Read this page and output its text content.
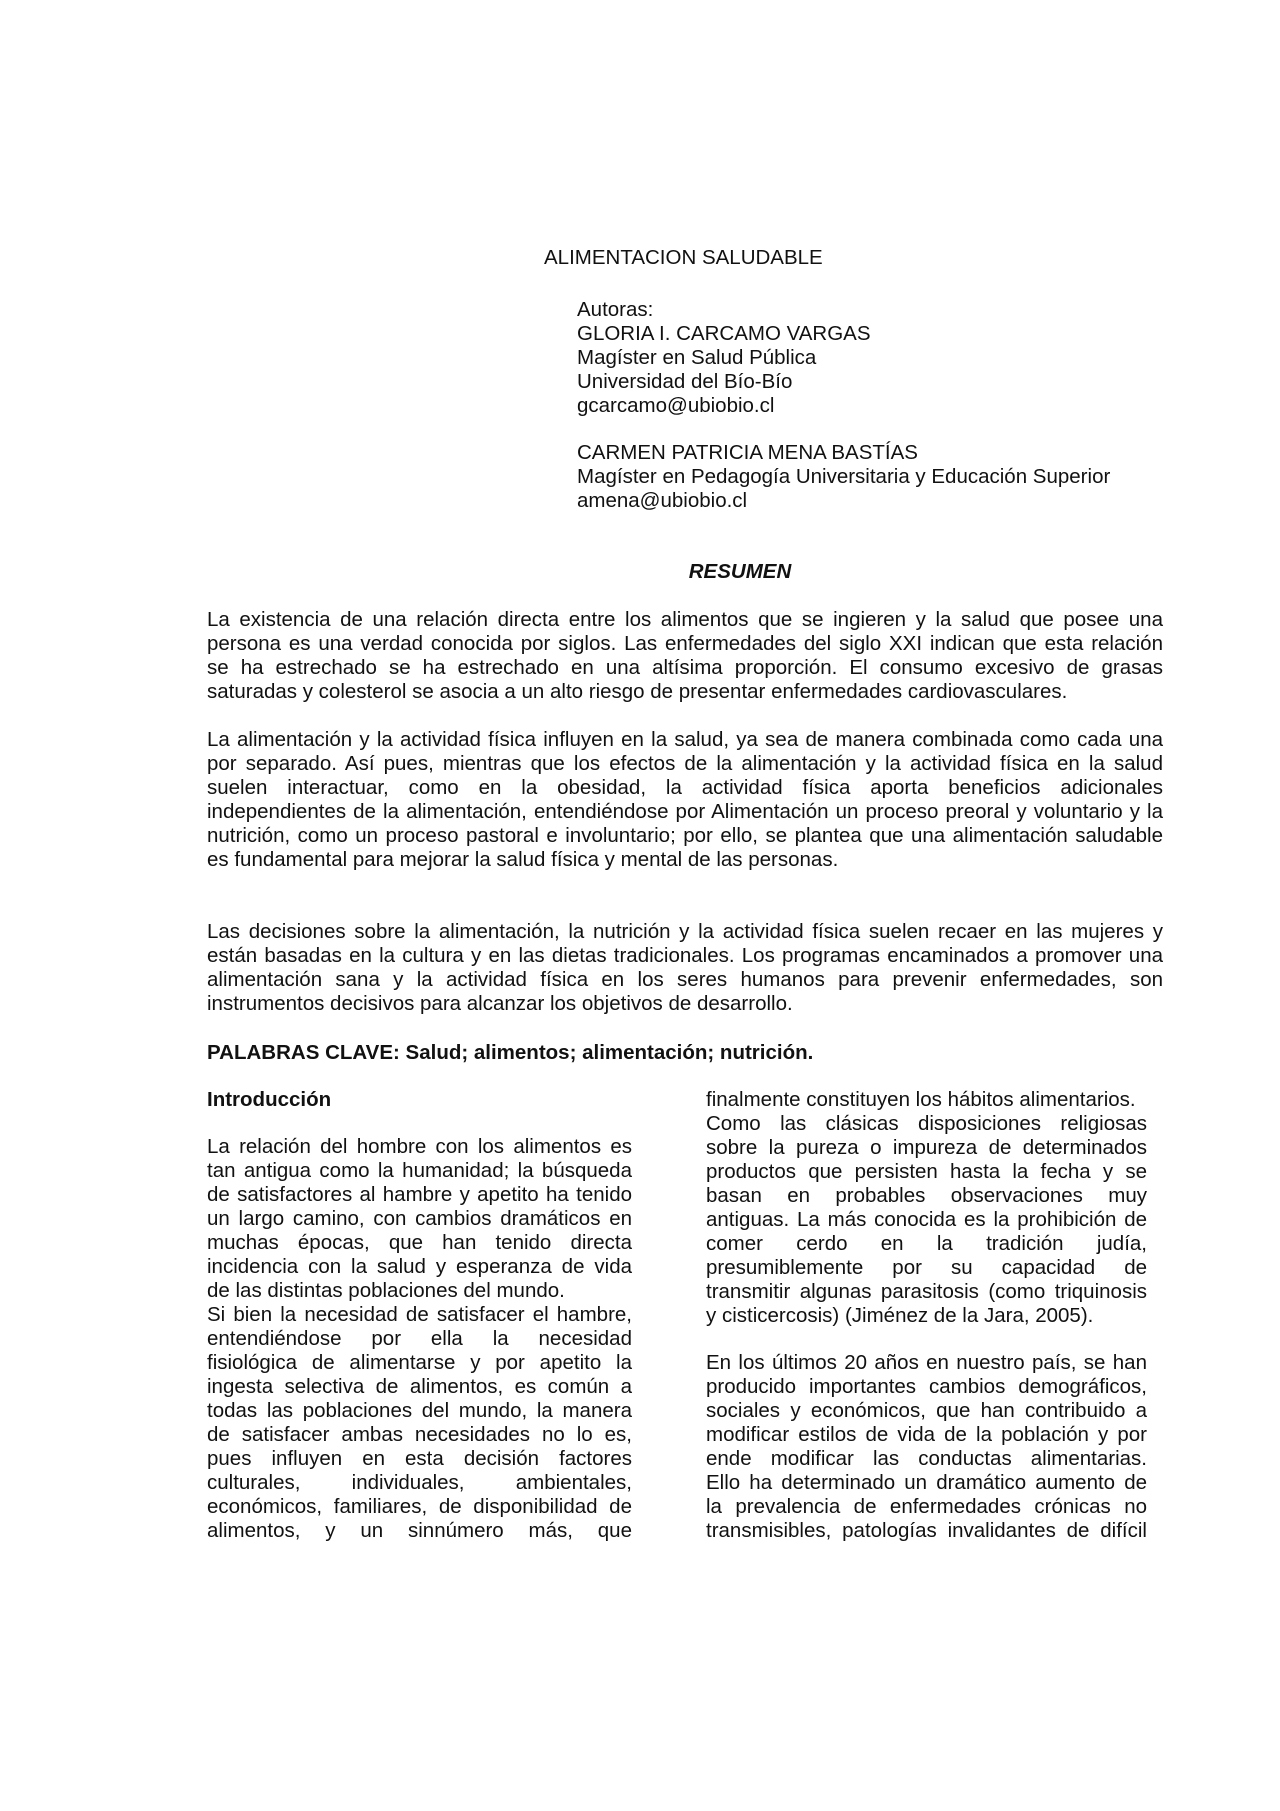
ALIMENTACION SALUDABLE
Autoras:
GLORIA I. CARCAMO VARGAS
Magíster en Salud Pública
Universidad del Bío-Bío
gcarcamo@ubiobio.cl
CARMEN PATRICIA MENA BASTÍAS
Magíster en Pedagogía Universitaria y Educación Superior
amena@ubiobio.cl
RESUMEN
La existencia de una relación directa entre los alimentos que se ingieren y la salud que posee una
persona es una verdad conocida por siglos. Las enfermedades del siglo XXI indican que esta relación
se ha estrechado se ha estrechado en una altísima proporción. El consumo excesivo de grasas
saturadas y colesterol se asocia a un alto riesgo de presentar enfermedades cardiovasculares.
La alimentación y la actividad física influyen en la salud, ya sea de manera combinada como cada una
por separado. Así pues, mientras que los efectos de la alimentación y la actividad física en la salud
suelen interactuar, como en la obesidad, la actividad física aporta beneficios adicionales
independientes de la alimentación, entendiéndose por Alimentación un proceso preoral y voluntario y la
nutrición, como un proceso pastoral e involuntario; por ello, se plantea que una alimentación saludable
es fundamental para mejorar la salud física y mental de las personas.
Las decisiones sobre la alimentación, la nutrición y la actividad física suelen recaer en las mujeres y
están basadas en la cultura y en las dietas tradicionales. Los programas encaminados a promover una
alimentación sana y la actividad física en los seres humanos para prevenir enfermedades, son
instrumentos decisivos para alcanzar los objetivos de desarrollo.
PALABRAS CLAVE: Salud; alimentos; alimentación; nutrición.
Introducción
La relación del hombre con los alimentos es
tan antigua como la humanidad; la búsqueda
de satisfactores al hambre y apetito ha tenido
un largo camino, con cambios dramáticos en
muchas épocas, que han tenido directa
incidencia con la salud y esperanza de vida
de las distintas poblaciones del mundo.
Si bien la necesidad de satisfacer el hambre,
entendiéndose por ella la necesidad
fisiológica de alimentarse y por apetito la
ingesta selectiva de alimentos, es común a
todas las poblaciones del mundo, la manera
de satisfacer ambas necesidades no lo es,
pues influyen en esta decisión factores
culturales, individuales, ambientales,
económicos, familiares, de disponibilidad de
alimentos, y un sinnúmero más, que
finalmente constituyen los hábitos alimentarios.
Como las clásicas disposiciones religiosas
sobre la pureza o impureza de determinados
productos que persisten hasta la fecha y se
basan en probables observaciones muy
antiguas. La más conocida es la prohibición de
comer cerdo en la tradición judía,
presumiblemente por su capacidad de
transmitir algunas parasitosis (como triquinosis
y cisticercosis) (Jiménez de la Jara, 2005).
En los últimos 20 años en nuestro país, se han
producido importantes cambios demográficos,
sociales y económicos, que han contribuido a
modificar estilos de vida de la población y por
ende modificar las conductas alimentarias.
Ello ha determinado un dramático aumento de
la prevalencia de enfermedades crónicas no
transmisibles, patologías invalidantes de difícil
